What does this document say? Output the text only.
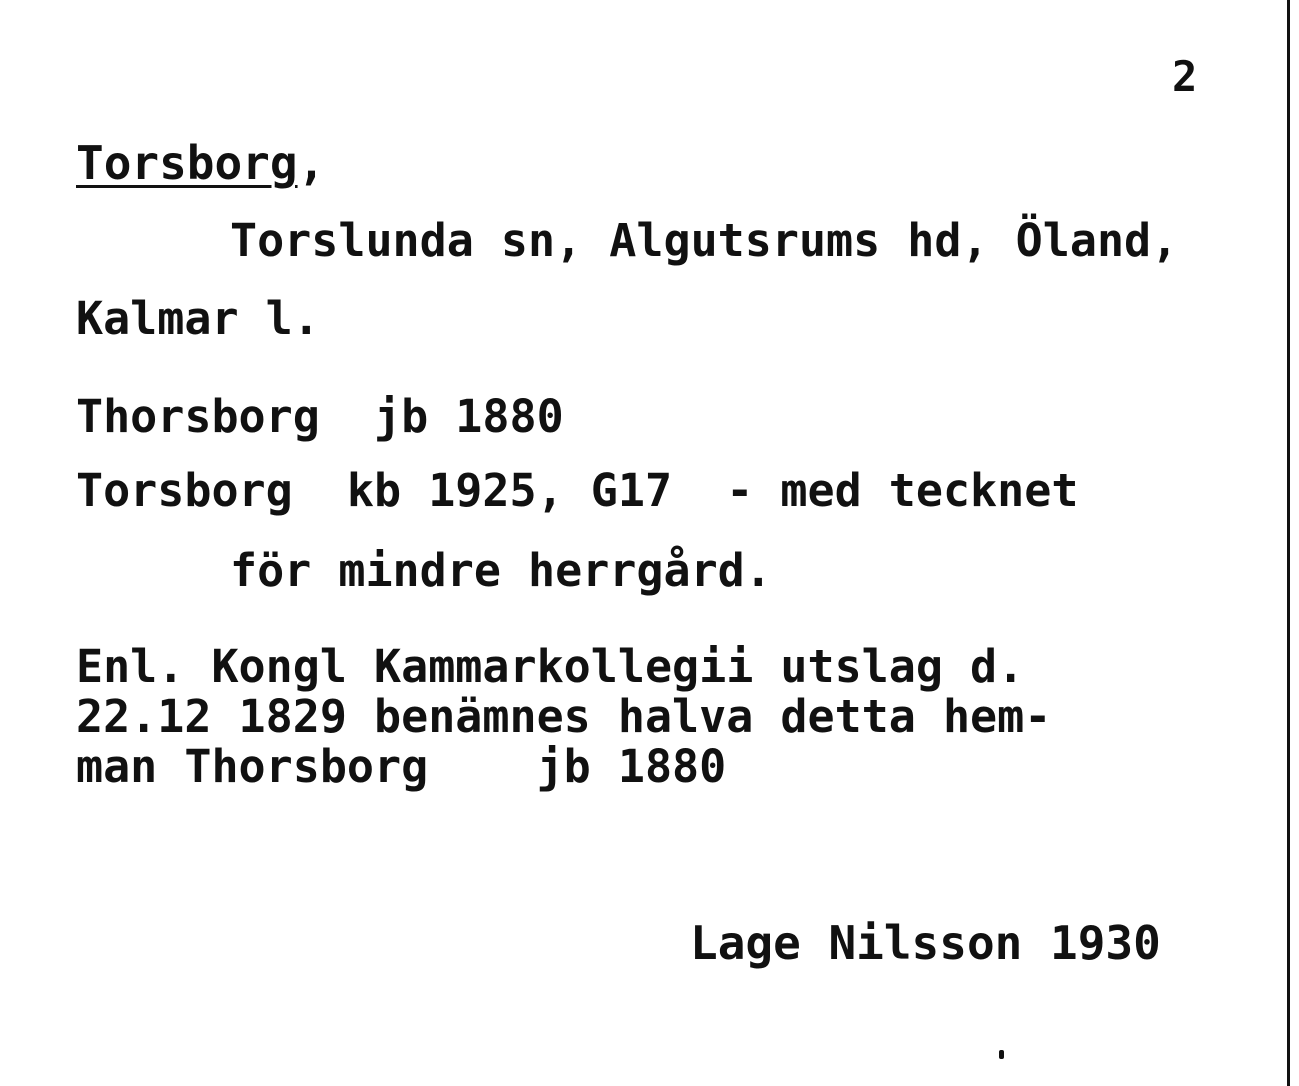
2
Torsborg,
Torslunda sn, Algutsrums hd, Öland,
Kalmar l.
Thorsborg  jb 1880
Torsborg  kb 1925, G17  - med tecknet
för mindre herrgård.
Enl. Kongl Kammarkollegii utslag d.
22.12 1829 benämnes halva detta hem-
man Thorsborg    jb 1880
Lage Nilsson 1930
